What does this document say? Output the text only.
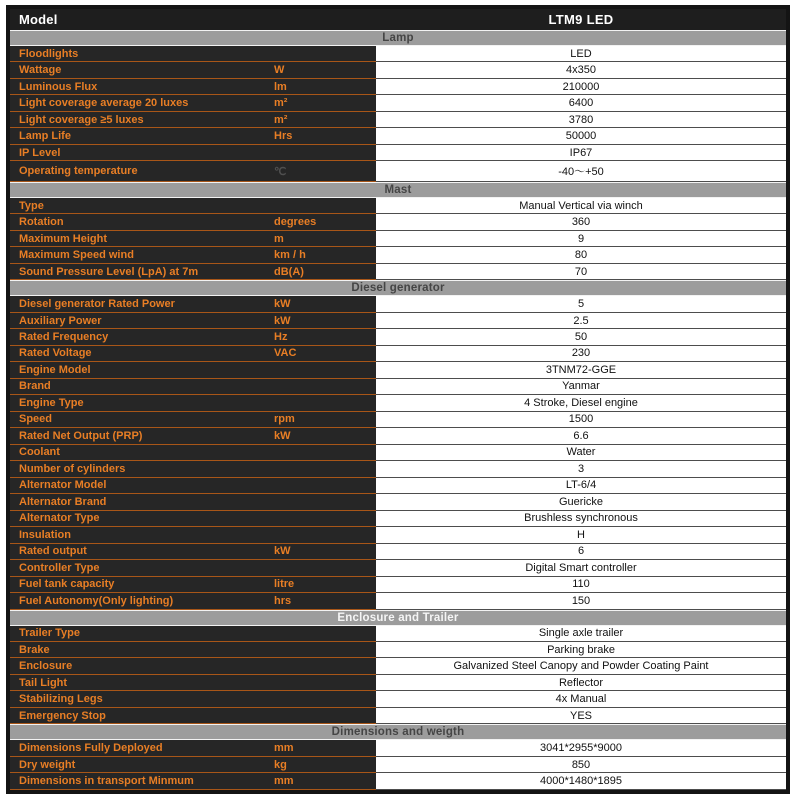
Model	LTM9 LED
Lamp
Floodlights	LED
Wattage	W	4x350
Luminous Flux	lm	210000
Light coverage average 20 luxes	m²	6400
Light coverage ≥5 luxes	m²	3780
Lamp Life	Hrs	50000
IP Level	IP67
Operating temperature	℃	-40～+50
Mast
Type	Manual Vertical via winch
Rotation	degrees	360
Maximum Height	m	9
Maximum Speed wind	km / h	80
Sound Pressure Level (LpA) at 7m	dB(A)	70
Diesel generator
Diesel generator Rated Power	kW	5
Auxiliary Power	kW	2.5
Rated Frequency	Hz	50
Rated Voltage	VAC	230
Engine Model	3TNM72-GGE
Brand	Yanmar
Engine Type	4 Stroke, Diesel engine
Speed	rpm	1500
Rated Net Output (PRP)	kW	6.6
Coolant	Water
Number of cylinders	3
Alternator Model	LT-6/4
Alternator Brand	Guericke
Alternator Type	Brushless synchronous
Insulation	H
Rated output	kW	6
Controller Type	Digital Smart controller
Fuel tank capacity	litre	110
Fuel Autonomy(Only lighting)	hrs	150
Enclosure and Trailer
Trailer Type	Single axle trailer
Brake	Parking brake
Enclosure	Galvanized Steel Canopy and Powder Coating Paint
Tail Light	Reflector
Stabilizing Legs	4x Manual
Emergency Stop	YES
Dimensions and weigth
Dimensions Fully Deployed	mm	3041*2955*9000
Dry weight	kg	850
Dimensions in transport Minmum	mm	4000*1480*1895
